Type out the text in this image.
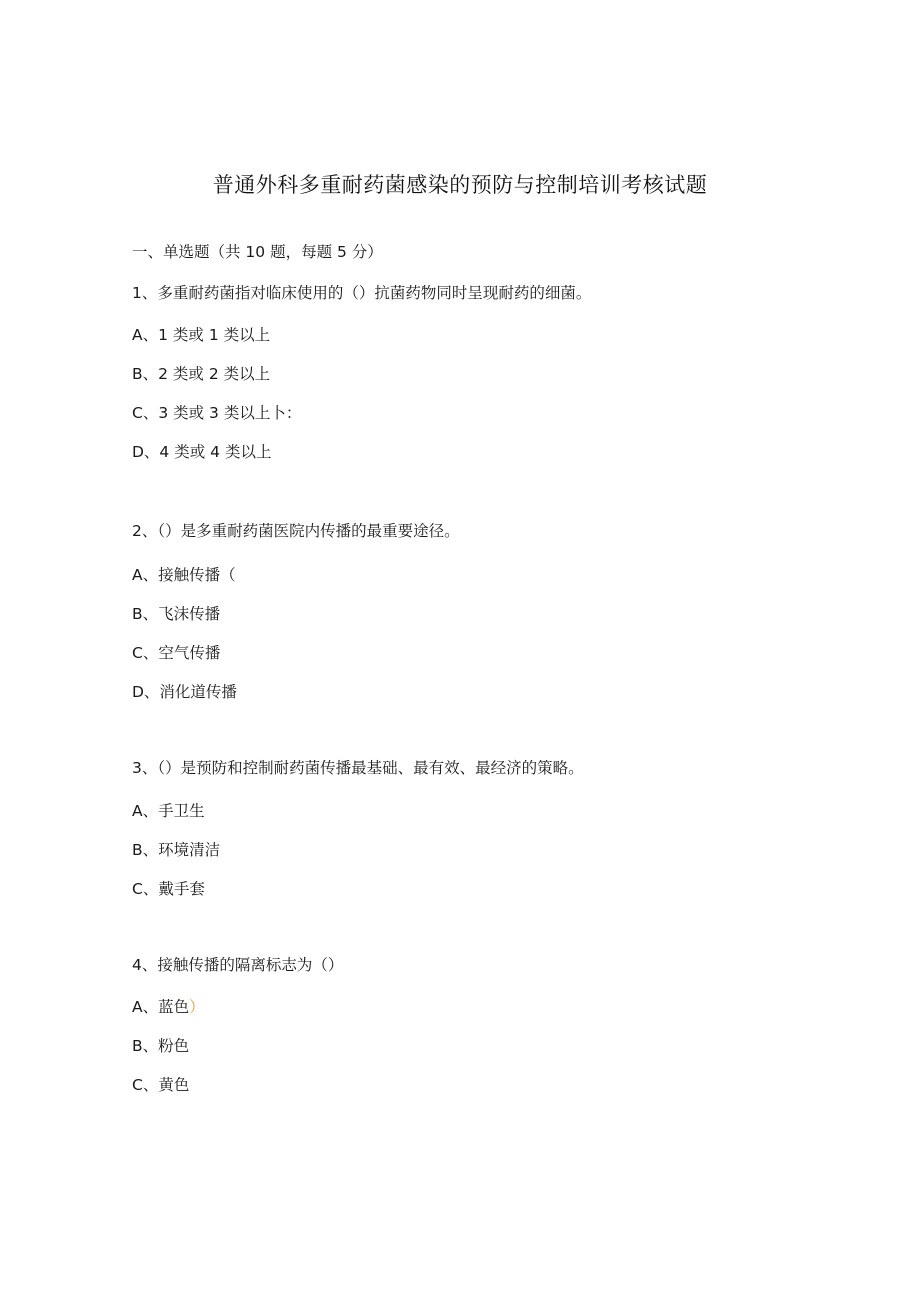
普通外科多重耐药菌感染的预防与控制培训考核试题
一、单选题（共 10 题，每题 5 分）
1、多重耐药菌指对临床使用的（）抗菌药物同时呈现耐药的细菌。
A、1 类或 1 类以上
B、2 类或 2 类以上
C、3 类或 3 类以上卜：
D、4 类或 4 类以上
2、（）是多重耐药菌医院内传播的最重要途径。
A、接触传播（
B、飞沫传播
C、空气传播
D、消化道传播
3、（）是预防和控制耐药菌传播最基础、最有效、最经济的策略。
A、手卫生
B、环境清洁
C、戴手套
4、接触传播的隔离标志为（）
A、蓝色）
B、粉色
C、黄色
